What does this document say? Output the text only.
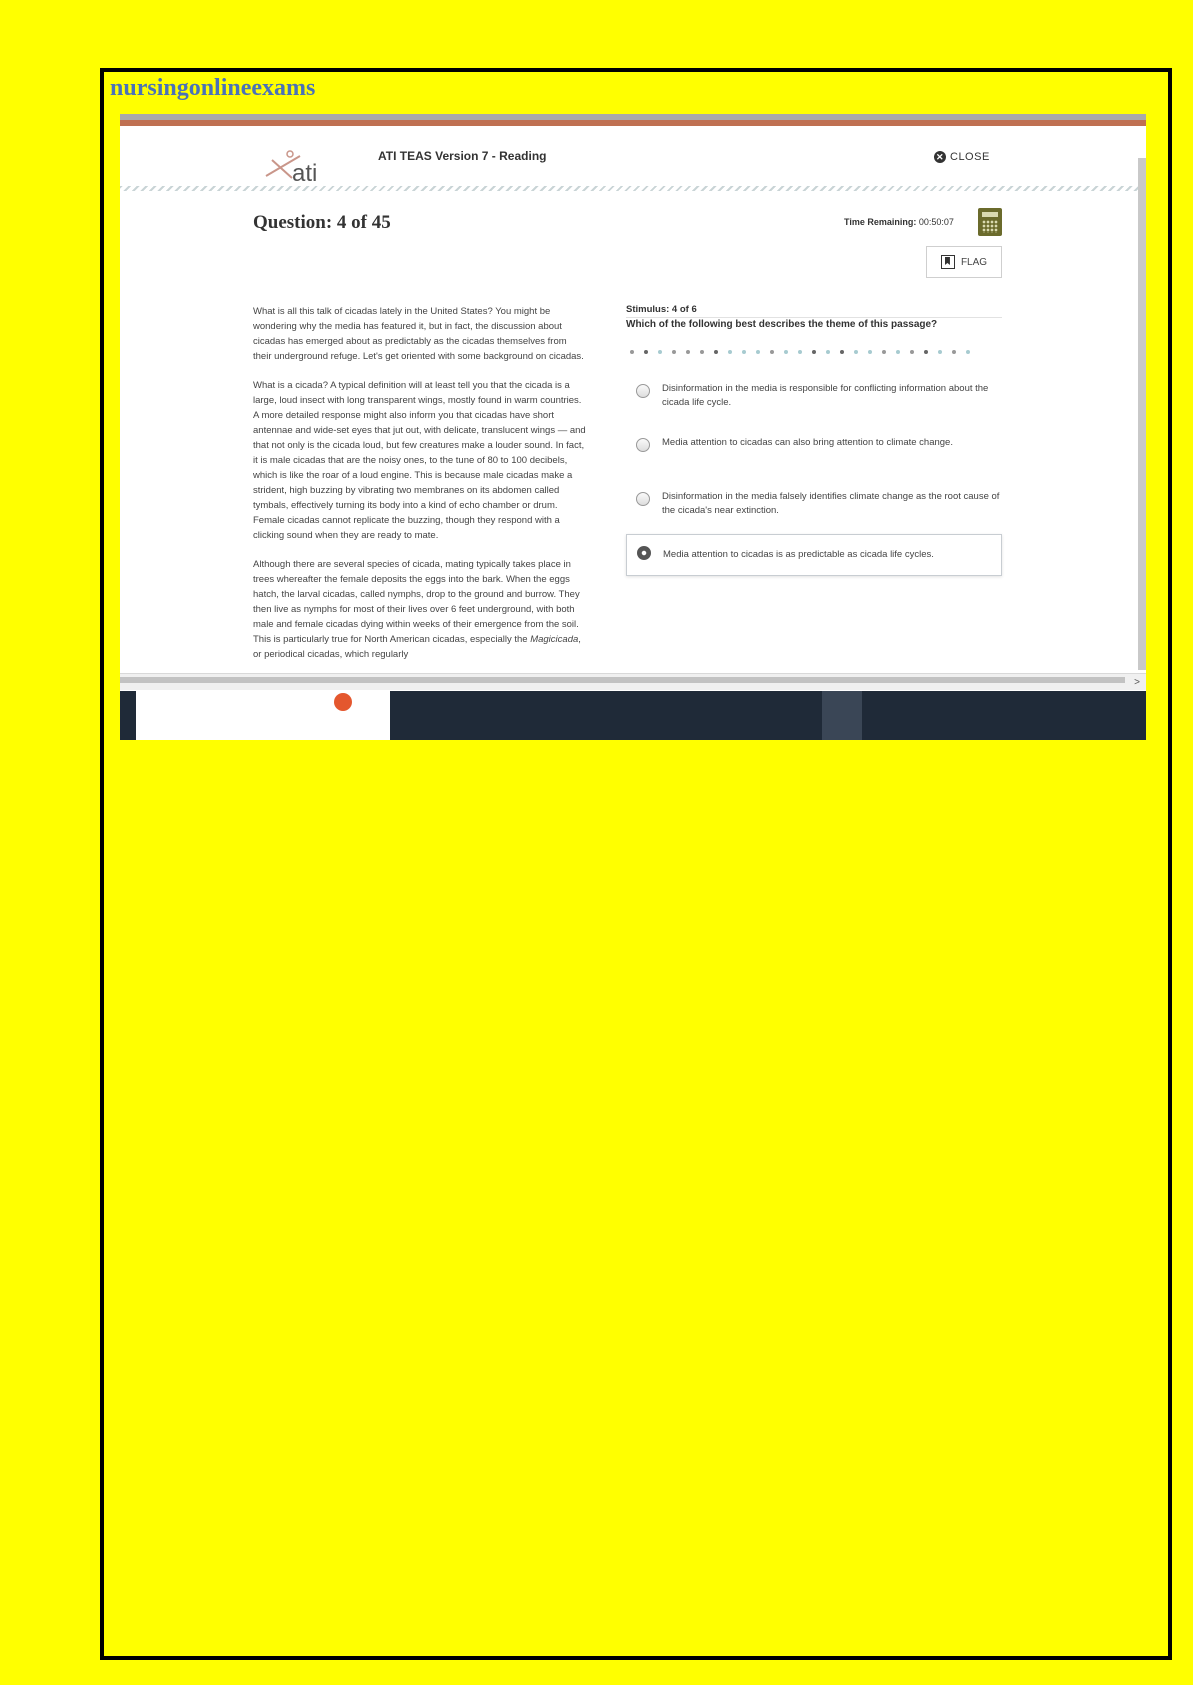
nursingonlineexams
ati
ATI TEAS Version 7 - Reading	✕ CLOSE
Question: 4 of 45	Time Remaining: 00:50:07
FLAG

What is all this talk of cicadas lately in the United States? You might be wondering why the media has featured it, but in fact, the discussion about cicadas has emerged about as predictably as the cicadas themselves from their underground refuge. Let's get oriented with some background on cicadas.

What is a cicada? A typical definition will at least tell you that the cicada is a large, loud insect with long transparent wings, mostly found in warm countries. A more detailed response might also inform you that cicadas have short antennae and wide-set eyes that jut out, with delicate, translucent wings — and that not only is the cicada loud, but few creatures make a louder sound. In fact, it is male cicadas that are the noisy ones, to the tune of 80 to 100 decibels, which is like the roar of a loud engine. This is because male cicadas make a strident, high buzzing by vibrating two membranes on its abdomen called tymbals, effectively turning its body into a kind of echo chamber or drum. Female cicadas cannot replicate the buzzing, though they respond with a clicking sound when they are ready to mate.

Although there are several species of cicada, mating typically takes place in trees whereafter the female deposits the eggs into the bark. When the eggs hatch, the larval cicadas, called nymphs, drop to the ground and burrow. They then live as nymphs for most of their lives over 6 feet underground, with both male and female cicadas dying within weeks of their emergence from the soil. This is particularly true for North American cicadas, especially the Magicicada, or periodical cicadas, which regularly

Stimulus: 4 of 6
Which of the following best describes the theme of this passage?
Disinformation in the media is responsible for conflicting information about the cicada life cycle.
Media attention to cicadas can also bring attention to climate change.
Disinformation in the media falsely identifies climate change as the root cause of the cicada's near extinction.
Media attention to cicadas is as predictable as cicada life cycles.
>
